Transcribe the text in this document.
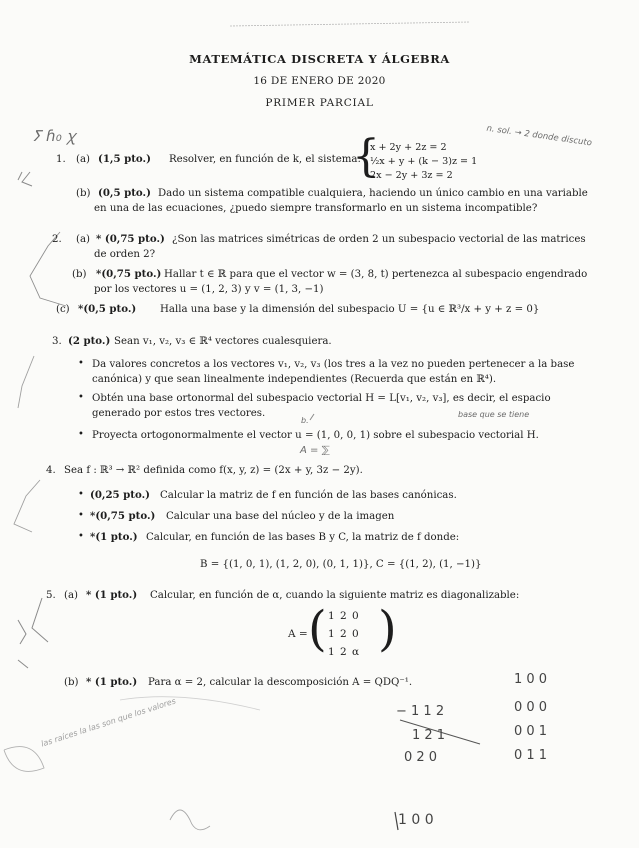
MATEMÁTICA DISCRETA Y ÁLGEBRA
16 DE ENERO DE 2020
PRIMER PARCIAL
ⵢ ɦ₀ ꭓ	n. sol. → 2 donde discuto
1. (a) (1,5 pto.) Resolver, en función de k, el sistema:
{
x + 2y + 2z = 2
½x + y + (k − 3)z = 1
2x − 2y + 3z = 2
(b) (0,5 pto.) Dado un sistema compatible cualquiera, haciendo un único cambio en una variable
en una de las ecuaciones, ¿puedo siempre transformarlo en un sistema incompatible?
2. (a) * (0,75 pto.) ¿Son las matrices simétricas de orden 2 un subespacio vectorial de las matrices
de orden 2?
(b) *(0,75 pto.) Hallar t ∈ ℝ para que el vector w = (3, 8, t) pertenezca al subespacio engendrado
por los vectores u = (1, 2, 3) y v = (1, 3, −1)
(c) *(0,5 pto.) Halla una base y la dimensión del subespacio U = {u ∈ ℝ³/x + y + z = 0}
3. (2 pto.) Sean v₁, v₂, v₃ ∈ ℝ⁴ vectores cualesquiera.
• Da valores concretos a los vectores v₁, v₂, v₃ (los tres a la vez no pueden pertenecer a la base
canónica) y que sean linealmente independientes (Recuerda que están en ℝ⁴).
• Obtén una base ortonormal del subespacio vectorial H = L[v₁, v₂, v₃], es decir, el espacio
generado por estos tres vectores.	base que se tiene
• Proyecta ortogonormalmente el vector u = (1, 0, 0, 1) sobre el subespacio vectorial H.
b.
A = ⅀
4. Sea f : ℝ³ → ℝ² definida como f(x, y, z) = (2x + y, 3z − 2y).
• (0,25 pto.) Calcular la matriz de f en función de las bases canónicas.
• *(0,75 pto.) Calcular una base del núcleo y de la imagen
• *(1 pto.) Calcular, en función de las bases B y C, la matriz de f donde:
B = {(1, 0, 1), (1, 2, 0), (0, 1, 1)}, C = {(1, 2), (1, −1)}
5. (a) * (1 pto.) Calcular, en función de α, cuando la siguiente matriz es diagonalizable:
A = ( 1 2 0
1 2 0
1 2 α )
(b) * (1 pto.) Para α = 2, calcular la descomposición A = QDQ⁻¹.	1 0 0
0 0 0
0 0 1
0 1 1
− 1 1 2
1 2 1
0 2 0
1 0 0
las raíces la las son que los valores
